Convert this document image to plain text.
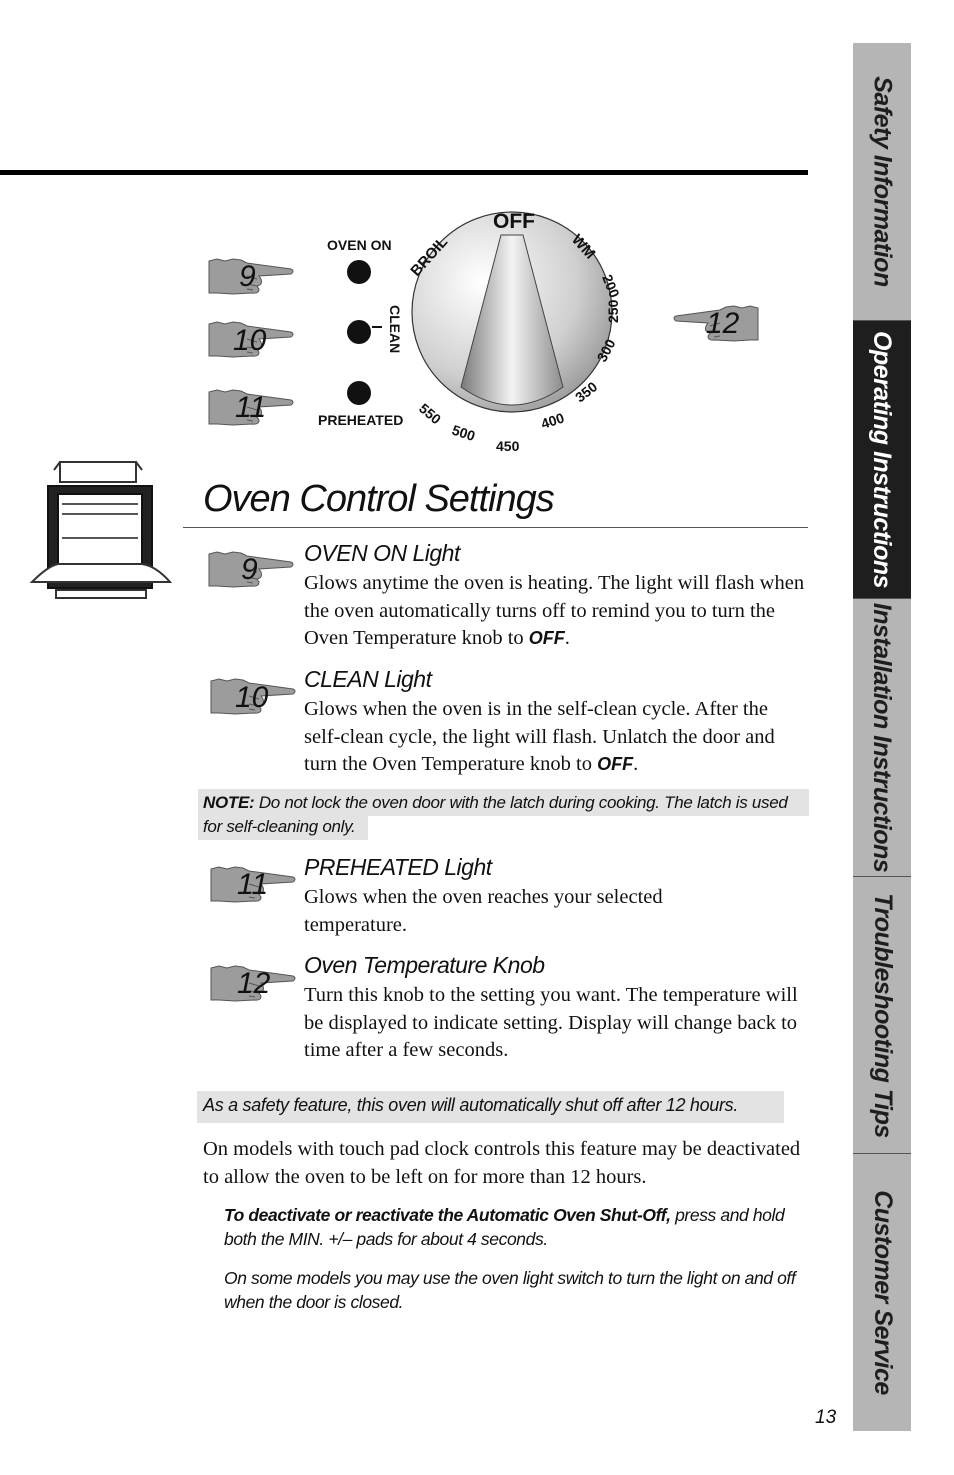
Safety Information
Operating Instructions
Installation Instructions
Troubleshooting Tips
Customer Service
9
10
11
12
OVEN ON
CLEAN
PREHEATED
OFF
BROIL	WM
200
250
300
350
400
450
500
550
Oven Control Settings
9 OVEN ON Light
Glows anytime the oven is heating. The light will flash when the oven automatically turns off to remind you to turn the Oven Temperature knob to OFF.
10
CLEAN Light
Glows when the oven is in the self-clean cycle. After the self-clean cycle, the light will flash. Unlatch the door and turn the Oven Temperature knob to OFF.
NOTE: Do not lock the oven door with the latch during cooking. The latch is used for self-cleaning only.
11
PREHEATED Light
Glows when the oven reaches your selected temperature.
12
Oven Temperature Knob
Turn this knob to the setting you want. The temperature will be displayed to indicate setting. Display will change back to time after a few seconds.
As a safety feature, this oven will automatically shut off after 12 hours.
On models with touch pad clock controls this feature may be deactivated to allow the oven to be left on for more than 12 hours.
To deactivate or reactivate the Automatic Oven Shut-Off, press and hold both the MIN. +/– pads for about 4 seconds.
On some models you may use the oven light switch to turn the light on and off when the door is closed.
13
